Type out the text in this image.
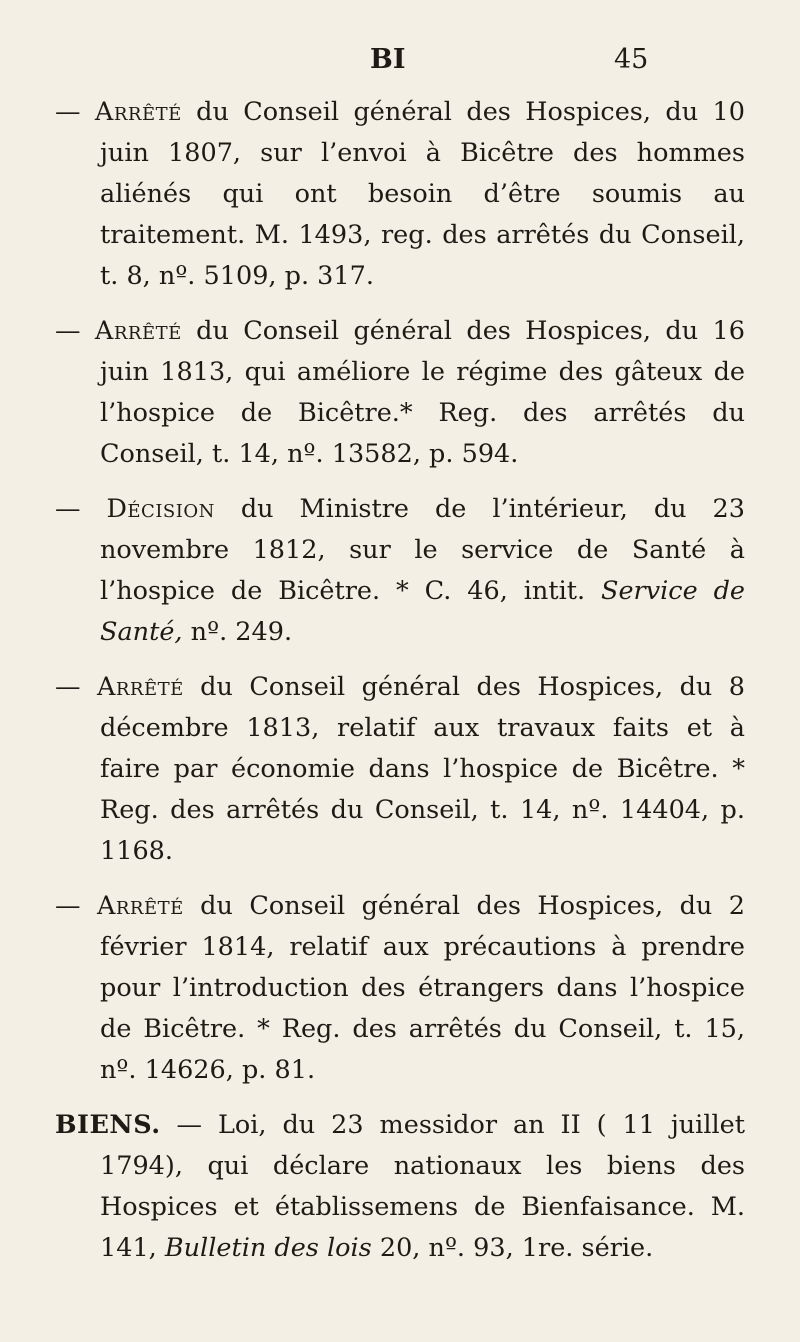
BI	45

— Arrêté du Conseil général des Hospices, du 10 juin 1807, sur l’envoi à Bicêtre des hommes aliénés qui ont besoin d’être soumis au traitement. M. 1493, reg. des arrêtés du Conseil, t. 8, nº. 5109, p. 317.

— Arrêté du Conseil général des Hospices, du 16 juin 1813, qui améliore le régime des gâteux de l’hospice de Bicêtre.* Reg. des arrêtés du Conseil, t. 14, nº. 13582, p. 594.

— Décision du Ministre de l’intérieur, du 23 novembre 1812, sur le service de Santé à l’hospice de Bicêtre. * C. 46, intit. Service de Santé, nº. 249.

— Arrêté du Conseil général des Hospices, du 8 décembre 1813, relatif aux travaux faits et à faire par économie dans l’hospice de Bicêtre. * Reg. des arrêtés du Conseil, t. 14, nº. 14404, p. 1168.

— Arrêté du Conseil général des Hospices, du 2 février 1814, relatif aux précautions à prendre pour l’introduction des étrangers dans l’hospice de Bicêtre. * Reg. des arrêtés du Conseil, t. 15, nº. 14626, p. 81.

BIENS. — Loi, du 23 messidor an II ( 11 juillet 1794), qui déclare nationaux les biens des Hospices et établissemens de Bienfaisance. M. 141, Bulletin des lois 20, nº. 93, 1re. série.
